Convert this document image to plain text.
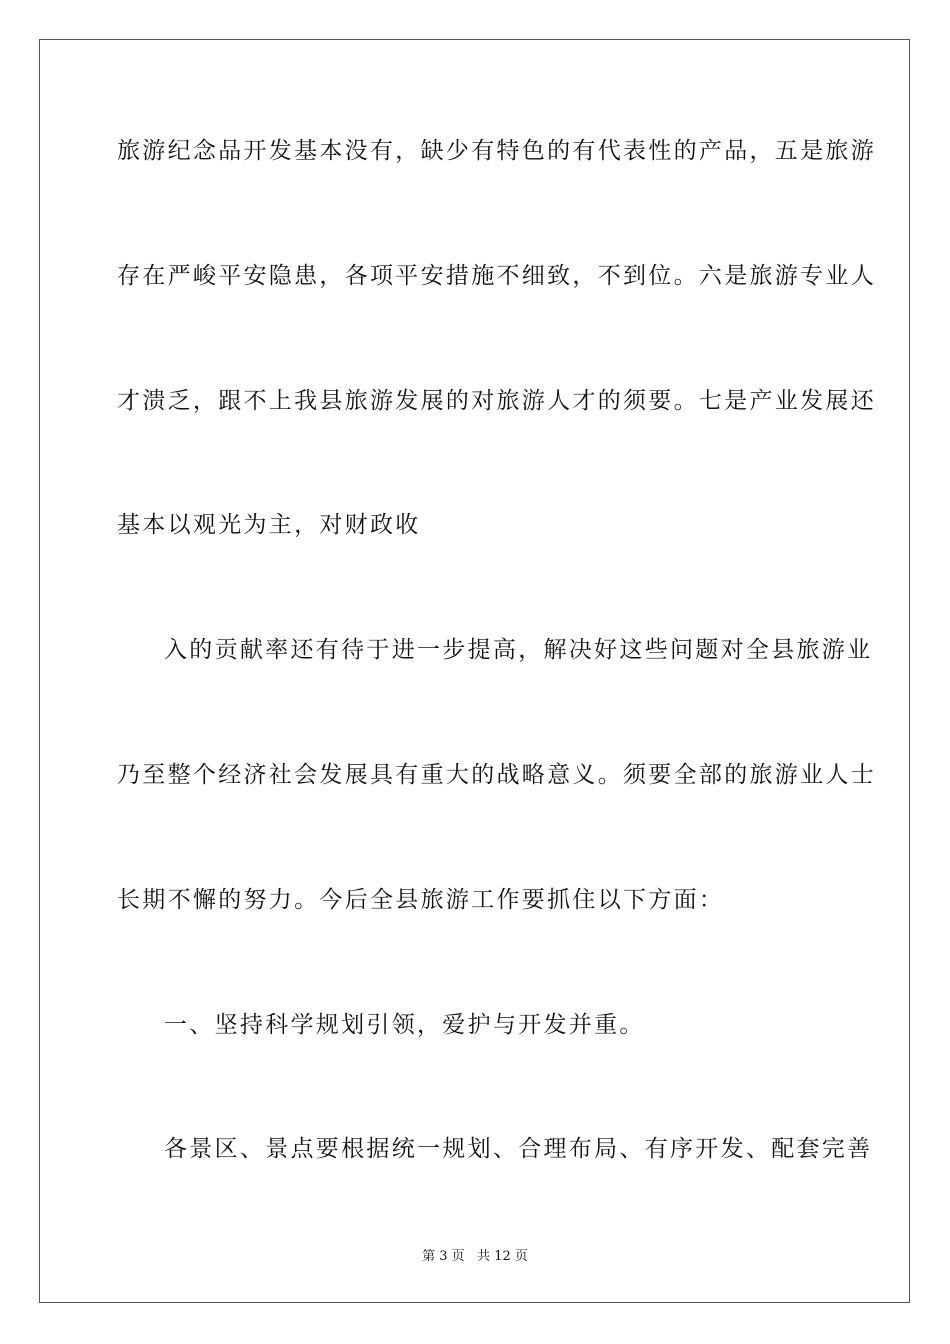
旅游纪念品开发基本没有，缺少有特色的有代表性的产品，五是旅游
存在严峻平安隐患，各项平安措施不细致，不到位。六是旅游专业人
才溃乏，跟不上我县旅游发展的对旅游人才的须要。七是产业发展还
基本以观光为主，对财政收
入的贡献率还有待于进一步提高，解决好这些问题对全县旅游业
乃至整个经济社会发展具有重大的战略意义。须要全部的旅游业人士
长期不懈的努力。今后全县旅游工作要抓住以下方面：
一、坚持科学规划引领，爱护与开发并重。
各景区、景点要根据统一规划、合理布局、有序开发、配套完善
第 3 页   共 12 页
